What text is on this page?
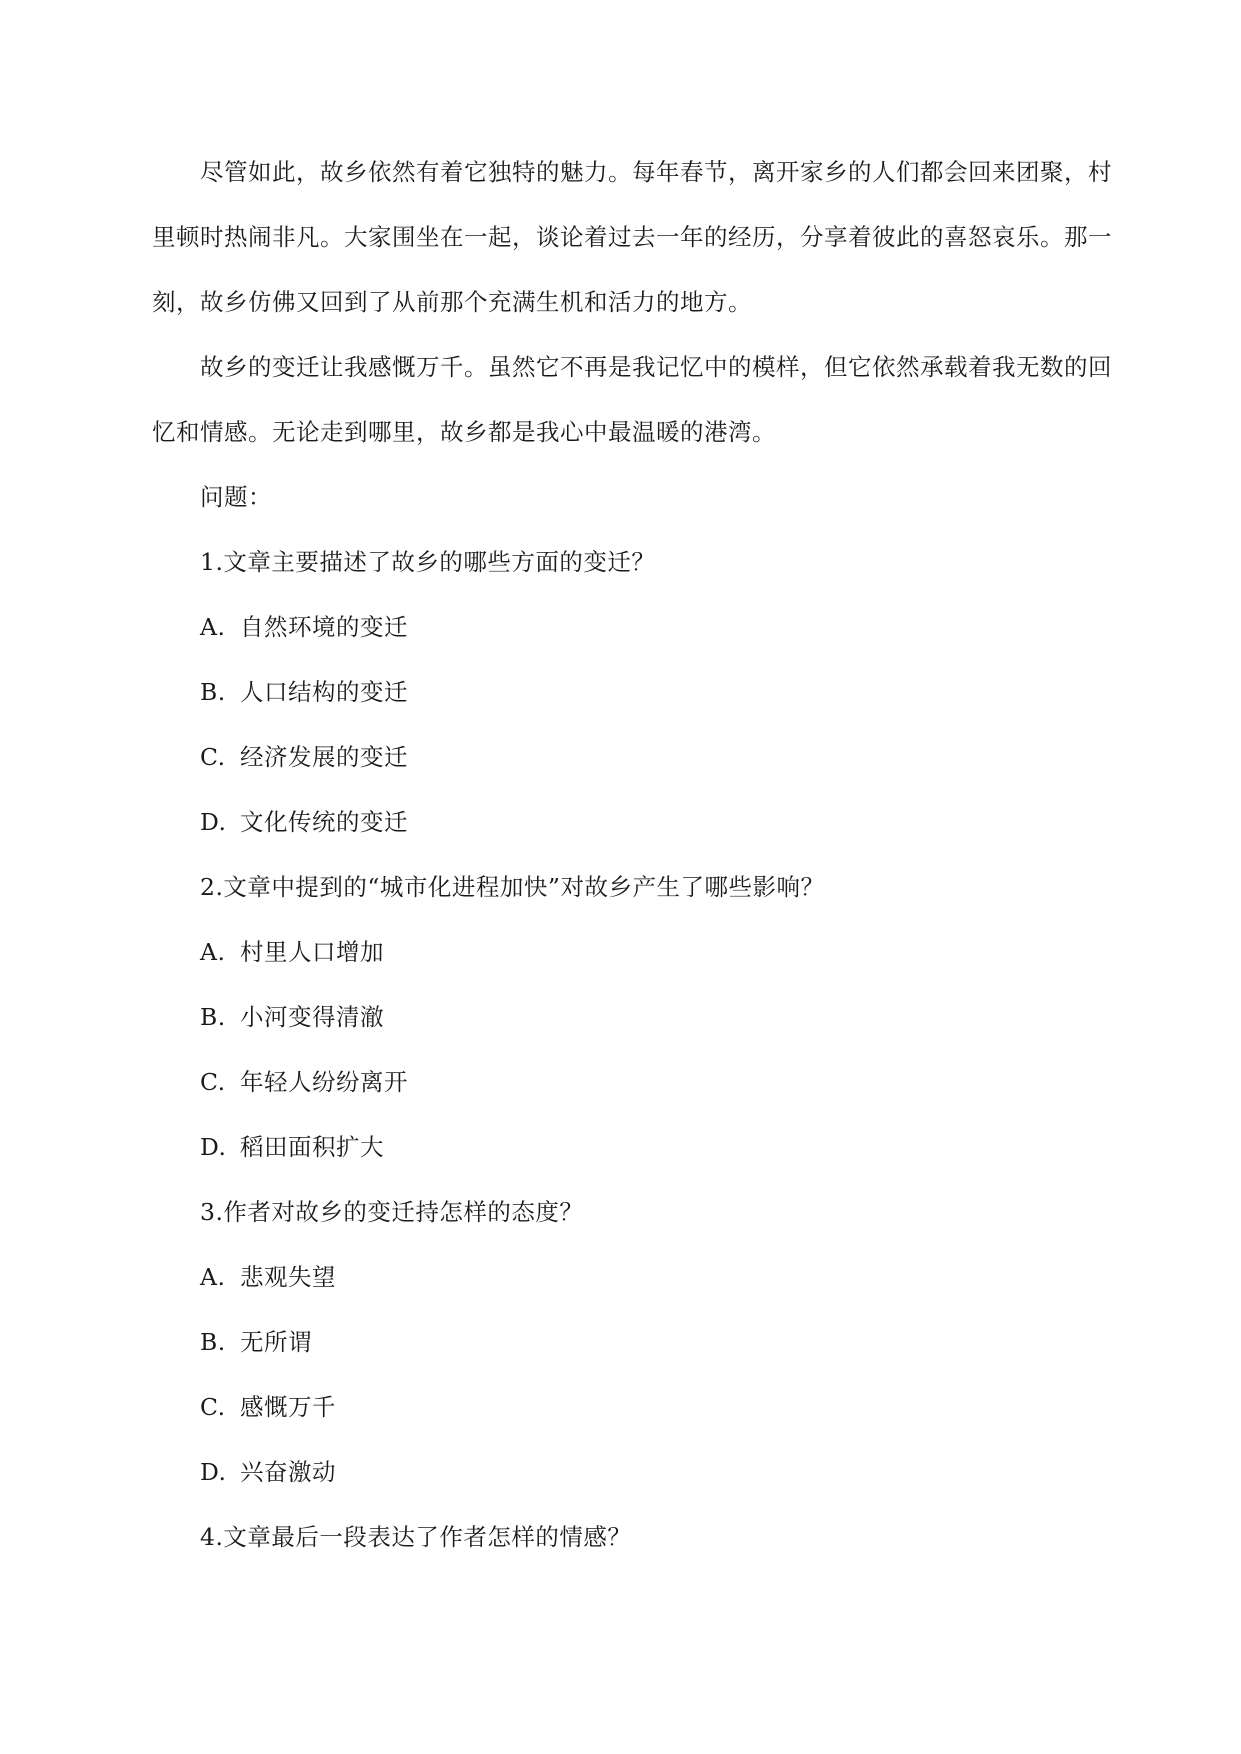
尽管如此，故乡依然有着它独特的魅力。每年春节，离开家乡的人们都会回来团聚，村里顿时热闹非凡。大家围坐在一起，谈论着过去一年的经历，分享着彼此的喜怒哀乐。那一刻，故乡仿佛又回到了从前那个充满生机和活力的地方。

故乡的变迁让我感慨万千。虽然它不再是我记忆中的模样，但它依然承载着我无数的回忆和情感。无论走到哪里，故乡都是我心中最温暖的港湾。

问题：

1.文章主要描述了故乡的哪些方面的变迁？

A. 自然环境的变迁

B. 人口结构的变迁

C. 经济发展的变迁

D. 文化传统的变迁

2.文章中提到的“城市化进程加快”对故乡产生了哪些影响？

A. 村里人口增加

B. 小河变得清澈

C. 年轻人纷纷离开

D. 稻田面积扩大

3.作者对故乡的变迁持怎样的态度？

A. 悲观失望

B. 无所谓

C. 感慨万千

D. 兴奋激动

4.文章最后一段表达了作者怎样的情感？
